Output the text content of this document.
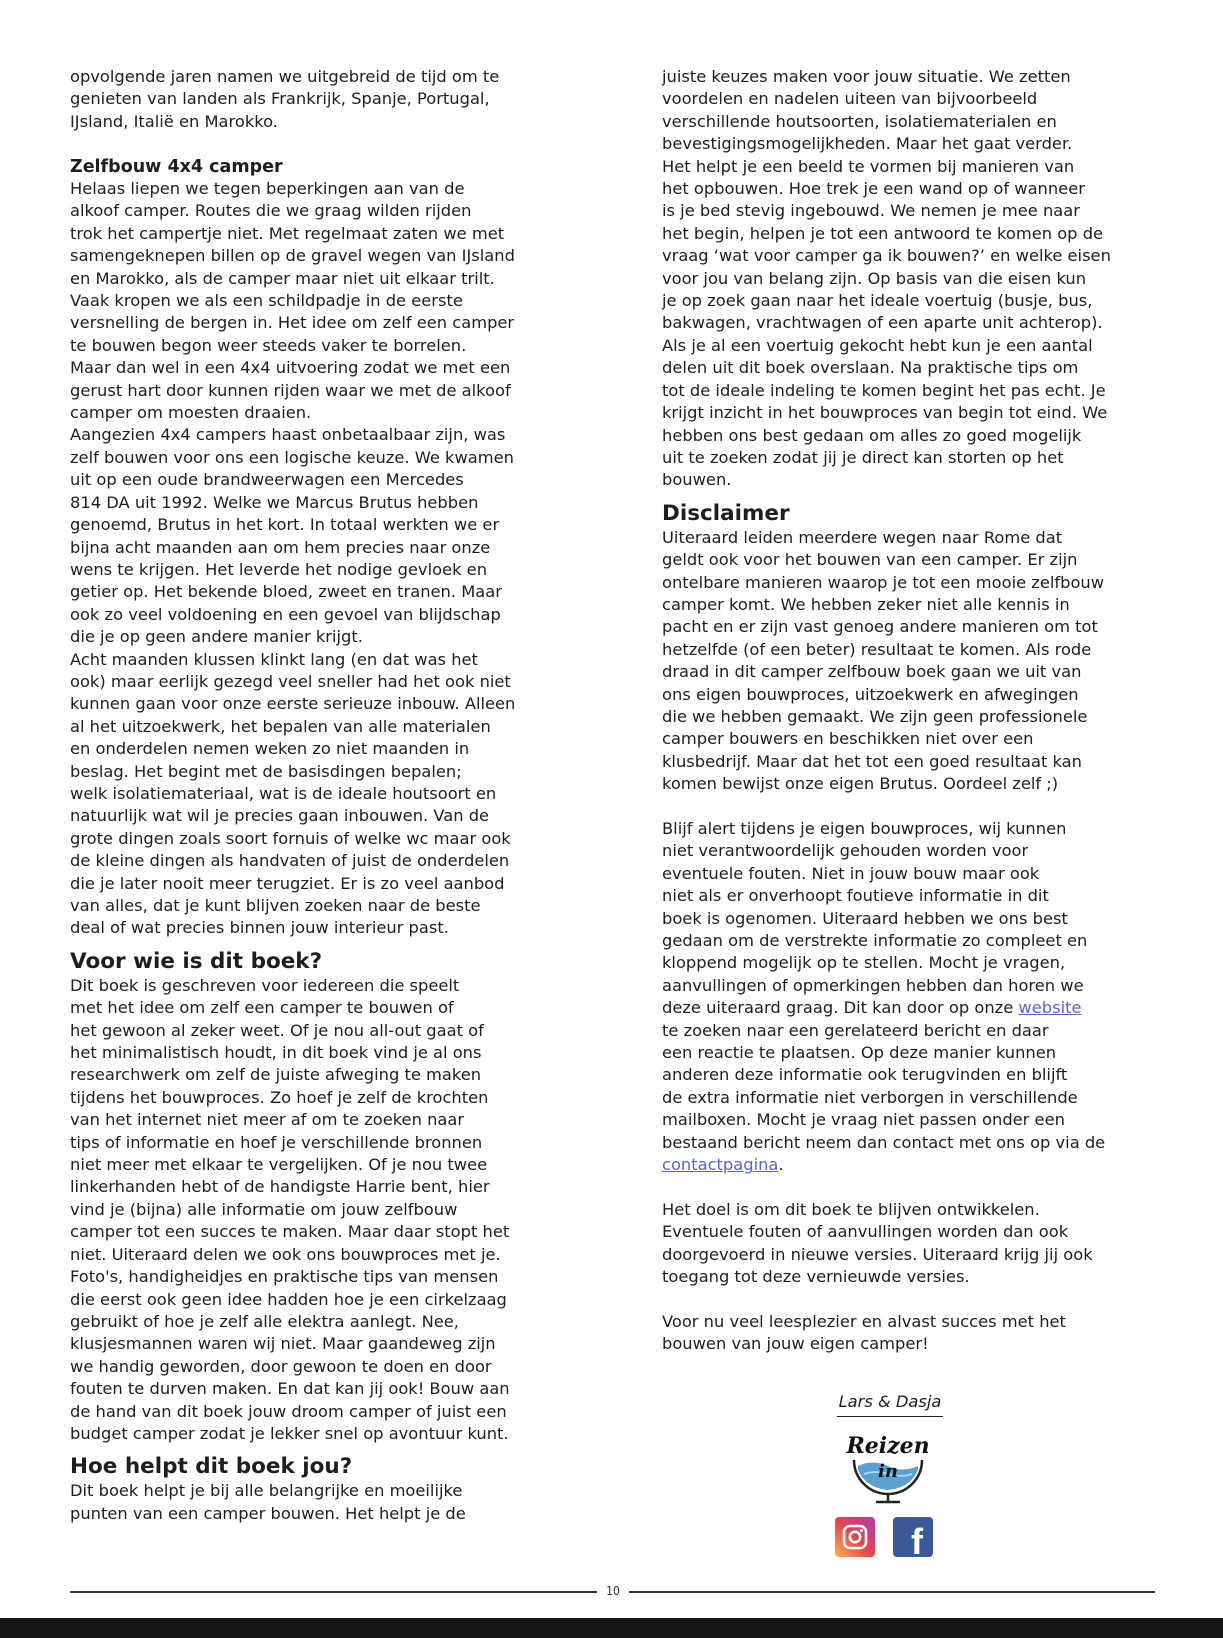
opvolgende jaren namen we uitgebreid de tijd om te
genieten van landen als Frankrijk, Spanje, Portugal,
IJsland, Italië en Marokko.
Zelfbouw 4x4 camper
Helaas liepen we tegen beperkingen aan van de
alkoof camper. Routes die we graag wilden rijden
trok het campertje niet. Met regelmaat zaten we met
samengeknepen billen op de gravel wegen van IJsland
en Marokko, als de camper maar niet uit elkaar trilt.
Vaak kropen we als een schildpadje in de eerste
versnelling de bergen in. Het idee om zelf een camper
te bouwen begon weer steeds vaker te borrelen.
Maar dan wel in een 4x4 uitvoering zodat we met een
gerust hart door kunnen rijden waar we met de alkoof
camper om moesten draaien.
Aangezien 4x4 campers haast onbetaalbaar zijn, was
zelf bouwen voor ons een logische keuze. We kwamen
uit op een oude brandweerwagen een Mercedes
814 DA uit 1992. Welke we Marcus Brutus hebben
genoemd, Brutus in het kort. In totaal werkten we er
bijna acht maanden aan om hem precies naar onze
wens te krijgen. Het leverde het nodige gevloek en
getier op. Het bekende bloed, zweet en tranen. Maar
ook zo veel voldoening en een gevoel van blijdschap
die je op geen andere manier krijgt.
Acht maanden klussen klinkt lang (en dat was het
ook) maar eerlijk gezegd veel sneller had het ook niet
kunnen gaan voor onze eerste serieuze inbouw. Alleen
al het uitzoekwerk, het bepalen van alle materialen
en onderdelen nemen weken zo niet maanden in
beslag. Het begint met de basisdingen bepalen;
welk isolatiemateriaal, wat is de ideale houtsoort en
natuurlijk wat wil je precies gaan inbouwen. Van de
grote dingen zoals soort fornuis of welke wc maar ook
de kleine dingen als handvaten of juist de onderdelen
die je later nooit meer terugziet. Er is zo veel aanbod
van alles, dat je kunt blijven zoeken naar de beste
deal of wat precies binnen jouw interieur past.
Voor wie is dit boek?
Dit boek is geschreven voor iedereen die speelt
met het idee om zelf een camper te bouwen of
het gewoon al zeker weet. Of je nou all-out gaat of
het minimalistisch houdt, in dit boek vind je al ons
researchwerk om zelf de juiste afweging te maken
tijdens het bouwproces. Zo hoef je zelf de krochten
van het internet niet meer af om te zoeken naar
tips of informatie en hoef je verschillende bronnen
niet meer met elkaar te vergelijken. Of je nou twee
linkerhanden hebt of de handigste Harrie bent, hier
vind je (bijna) alle informatie om jouw zelfbouw
camper tot een succes te maken. Maar daar stopt het
niet. Uiteraard delen we ook ons bouwproces met je.
Foto's, handigheidjes en praktische tips van mensen
die eerst ook geen idee hadden hoe je een cirkelzaag
gebruikt of hoe je zelf alle elektra aanlegt. Nee,
klusjesmannen waren wij niet. Maar gaandeweg zijn
we handig geworden, door gewoon te doen en door
fouten te durven maken. En dat kan jij ook! Bouw aan
de hand van dit boek jouw droom camper of juist een
budget camper zodat je lekker snel op avontuur kunt.
Hoe helpt dit boek jou?
Dit boek helpt je bij alle belangrijke en moeilijke
punten van een camper bouwen. Het helpt je de
juiste keuzes maken voor jouw situatie. We zetten
voordelen en nadelen uiteen van bijvoorbeeld
verschillende houtsoorten, isolatiematerialen en
bevestigingsmogelijkheden. Maar het gaat verder.
Het helpt je een beeld te vormen bij manieren van
het opbouwen. Hoe trek je een wand op of wanneer
is je bed stevig ingebouwd. We nemen je mee naar
het begin, helpen je tot een antwoord te komen op de
vraag ‘wat voor camper ga ik bouwen?’ en welke eisen
voor jou van belang zijn. Op basis van die eisen kun
je op zoek gaan naar het ideale voertuig (busje, bus,
bakwagen, vrachtwagen of een aparte unit achterop).
Als je al een voertuig gekocht hebt kun je een aantal
delen uit dit boek overslaan. Na praktische tips om
tot de ideale indeling te komen begint het pas echt. Je
krijgt inzicht in het bouwproces van begin tot eind. We
hebben ons best gedaan om alles zo goed mogelijk
uit te zoeken zodat jij je direct kan storten op het
bouwen.
Disclaimer
Uiteraard leiden meerdere wegen naar Rome dat
geldt ook voor het bouwen van een camper. Er zijn
ontelbare manieren waarop je tot een mooie zelfbouw
camper komt. We hebben zeker niet alle kennis in
pacht en er zijn vast genoeg andere manieren om tot
hetzelfde (of een beter) resultaat te komen. Als rode
draad in dit camper zelfbouw boek gaan we uit van
ons eigen bouwproces, uitzoekwerk en afwegingen
die we hebben gemaakt. We zijn geen professionele
camper bouwers en beschikken niet over een
klusbedrijf. Maar dat het tot een goed resultaat kan
komen bewijst onze eigen Brutus. Oordeel zelf ;)
Blijf alert tijdens je eigen bouwproces, wij kunnen
niet verantwoordelijk gehouden worden voor
eventuele fouten. Niet in jouw bouw maar ook
niet als er onverhoopt foutieve informatie in dit
boek is ogenomen. Uiteraard hebben we ons best
gedaan om de verstrekte informatie zo compleet en
kloppend mogelijk op te stellen. Mocht je vragen,
aanvullingen of opmerkingen hebben dan horen we
deze uiteraard graag. Dit kan door op onze website
te zoeken naar een gerelateerd bericht en daar
een reactie te plaatsen. Op deze manier kunnen
anderen deze informatie ook terugvinden en blijft
de extra informatie niet verborgen in verschillende
mailboxen. Mocht je vraag niet passen onder een
bestaand bericht neem dan contact met ons op via de
contactpagina.
Het doel is om dit boek te blijven ontwikkelen.
Eventuele fouten of aanvullingen worden dan ook
doorgevoerd in nieuwe versies. Uiteraard krijg jij ook
toegang tot deze vernieuwde versies.
Voor nu veel leesplezier en alvast succes met het
bouwen van jouw eigen camper!
Lars & Dasja
Reizen
in
f
10
